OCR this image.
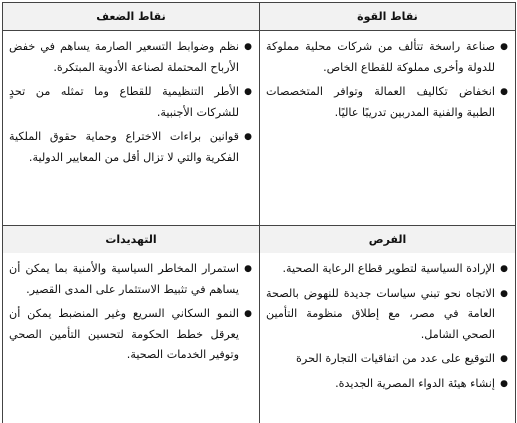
نقاط القوة
نقاط الضعف
●
صناعة راسخة تتألف من شركات محلية مملوكة للدولة وأخرى مملوكة للقطاع الخاص.
●
انخفاض تكاليف العمالة وتوافر المتخصصات الطبية والفنية المدربين تدريبًا عاليًا.
●
نظم وضوابط التسعير الصارمة يساهم في خفض الأرباح المحتملة لصناعة الأدوية المبتكرة.
●
الأطر التنظيمية للقطاع وما تمثله من تحدٍ للشركات الأجنبية.
●
قوانين براءات الاختراع وحماية حقوق الملكية الفكرية والتي لا تزال أقل من المعايير الدولية.
الفرص
التهديدات
●
الإرادة السياسية لتطوير قطاع الرعاية الصحية.
●
الاتجاه نحو تبني سياسات جديدة للنهوض بالصحة العامة في مصر، مع إطلاق منظومة التأمين الصحي الشامل.
●
التوقيع على عدد من اتفاقيات التجارة الحرة
●
إنشاء هيئة الدواء المصرية الجديدة.
●
استمرار المخاطر السياسية والأمنية بما يمكن أن يساهم في تثبيط الاستثمار على المدى القصير.
●
النمو السكاني السريع وغير المنضبط يمكن أن يعرقل خطط الحكومة لتحسين التأمين الصحي وتوفير الخدمات الصحية.
